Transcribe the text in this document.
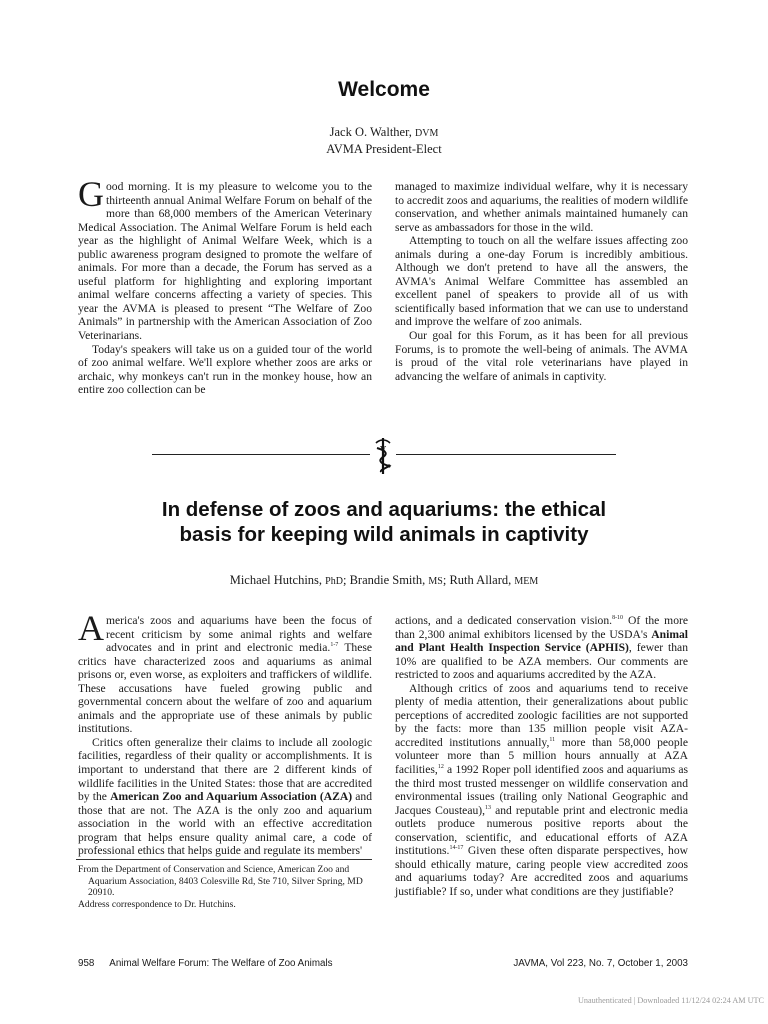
Welcome
Jack O. Walther, DVM
AVMA President-Elect

Good morning. It is my pleasure to welcome you to the thirteenth annual Animal Welfare Forum on behalf of the more than 68,000 members of the American Veterinary Medical Association. The Animal Welfare Forum is held each year as the highlight of Animal Welfare Week, which is a public awareness program designed to promote the welfare of animals. For more than a decade, the Forum has served as a useful platform for highlighting and exploring important animal welfare concerns affecting a variety of species. This year the AVMA is pleased to present “The Welfare of Zoo Animals” in partnership with the American Association of Zoo Veterinarians.

Today's speakers will take us on a guided tour of the world of zoo animal welfare. We'll explore whether zoos are arks or archaic, why monkeys can't run in the monkey house, how an entire zoo collection can be

managed to maximize individual welfare, why it is necessary to accredit zoos and aquariums, the realities of modern wildlife conservation, and whether animals maintained humanely can serve as ambassadors for those in the wild.

Attempting to touch on all the welfare issues affecting zoo animals during a one-day Forum is incredibly ambitious. Although we don't pretend to have all the answers, the AVMA's Animal Welfare Committee has assembled an excellent panel of speakers to provide all of us with scientifically based information that we can use to understand and improve the welfare of zoo animals.

Our goal for this Forum, as it has been for all previous Forums, is to promote the well-being of animals. The AVMA is proud of the vital role veterinarians have played in advancing the welfare of animals in captivity.

V
In defense of zoos and aquariums: the ethical
basis for keeping wild animals in captivity
Michael Hutchins, PhD; Brandie Smith, MS; Ruth Allard, MEM

America's zoos and aquariums have been the focus of recent criticism by some animal rights and welfare advocates and in print and electronic media.$^{1-7}$ These critics have characterized zoos and aquariums as animal prisons or, even worse, as exploiters and traffickers of wildlife. These accusations have fueled growing public and governmental concern about the welfare of zoo and aquarium animals and the appropriate use of these animals by public institutions.

Critics often generalize their claims to include all zoologic facilities, regardless of their quality or accomplishments. It is important to understand that there are 2 different kinds of wildlife facilities in the United States: those that are accredited by the American Zoo and Aquarium Association (AZA) and those that are not. The AZA is the only zoo and aquarium association in the world with an effective accreditation program that helps ensure quality animal care, a code of professional ethics that helps guide and regulate its members'

actions, and a dedicated conservation vision.$^{8-10}$ Of the more than 2,300 animal exhibitors licensed by the USDA's Animal and Plant Health Inspection Service (APHIS), fewer than 10% are qualified to be AZA members. Our comments are restricted to zoos and aquariums accredited by the AZA.

Although critics of zoos and aquariums tend to receive plenty of media attention, their generalizations about public perceptions of accredited zoologic facilities are not supported by the facts: more than 135 million people visit AZA-accredited institutions annually,$^{11}$ more than 58,000 people volunteer more than 5 million hours annually at AZA facilities,$^{12}$ a 1992 Roper poll identified zoos and aquariums as the third most trusted messenger on wildlife conservation and environmental issues (trailing only National Geographic and Jacques Cousteau),$^{13}$ and reputable print and electronic media outlets produce numerous positive reports about the conservation, scientific, and educational efforts of AZA institutions.$^{14-17}$ Given these often disparate perspectives, how should ethically mature, caring people view accredited zoos and aquariums today? Are accredited zoos and aquariums justifiable? If so, under what conditions are they justifiable?

From the Department of Conservation and Science, American Zoo and Aquarium Association, 8403 Colesville Rd, Ste 710, Silver Spring, MD 20910.

Address correspondence to Dr. Hutchins.

958 Animal Welfare Forum: The Welfare of Zoo Animals	JAVMA, Vol 223, No. 7, October 1, 2003
Unauthenticated | Downloaded 11/12/24 02:24 AM UTC
